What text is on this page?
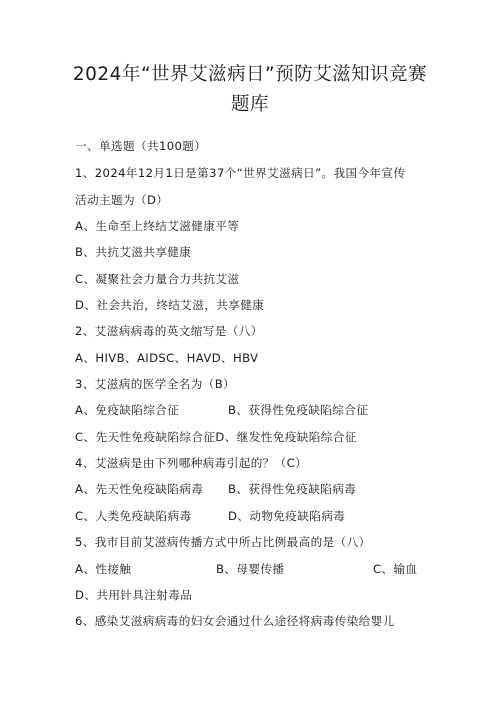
2024年“世界艾滋病日”预防艾滋知识竞赛
题库
一、单选题（共100题）
1、2024年12月1日是第37个“世界艾滋病日”。我国今年宣传
活动主题为（D）
A、生命至上终结艾滋健康平等
B、共抗艾滋共享健康
C、凝聚社会力量合力共抗艾滋
D、社会共治，终结艾滋，共享健康
2、艾滋病病毒的英文缩写是（八）
A、HIVB、AIDSC、HAVD、HBV
3、艾滋病的医学全名为（B）
A、免疫缺陷综合征	B、获得性免疫缺陷综合征
C、先天性免疫缺陷综合征D、继发性免疫缺陷综合征
4、艾滋病是由下列哪种病毒引起的？（C）
A、先天性免疫缺陷病毒 B、获得性免疫缺陷病毒
C、人类免疫缺陷病毒	D、动物免疫缺陷病毒
5、我市目前艾滋病传播方式中所占比例最高的是（八）
A、性接触	B、母婴传播	C、输血
D、共用针具注射毒品
6、感染艾滋病病毒的妇女会通过什么途径将病毒传染给婴儿
